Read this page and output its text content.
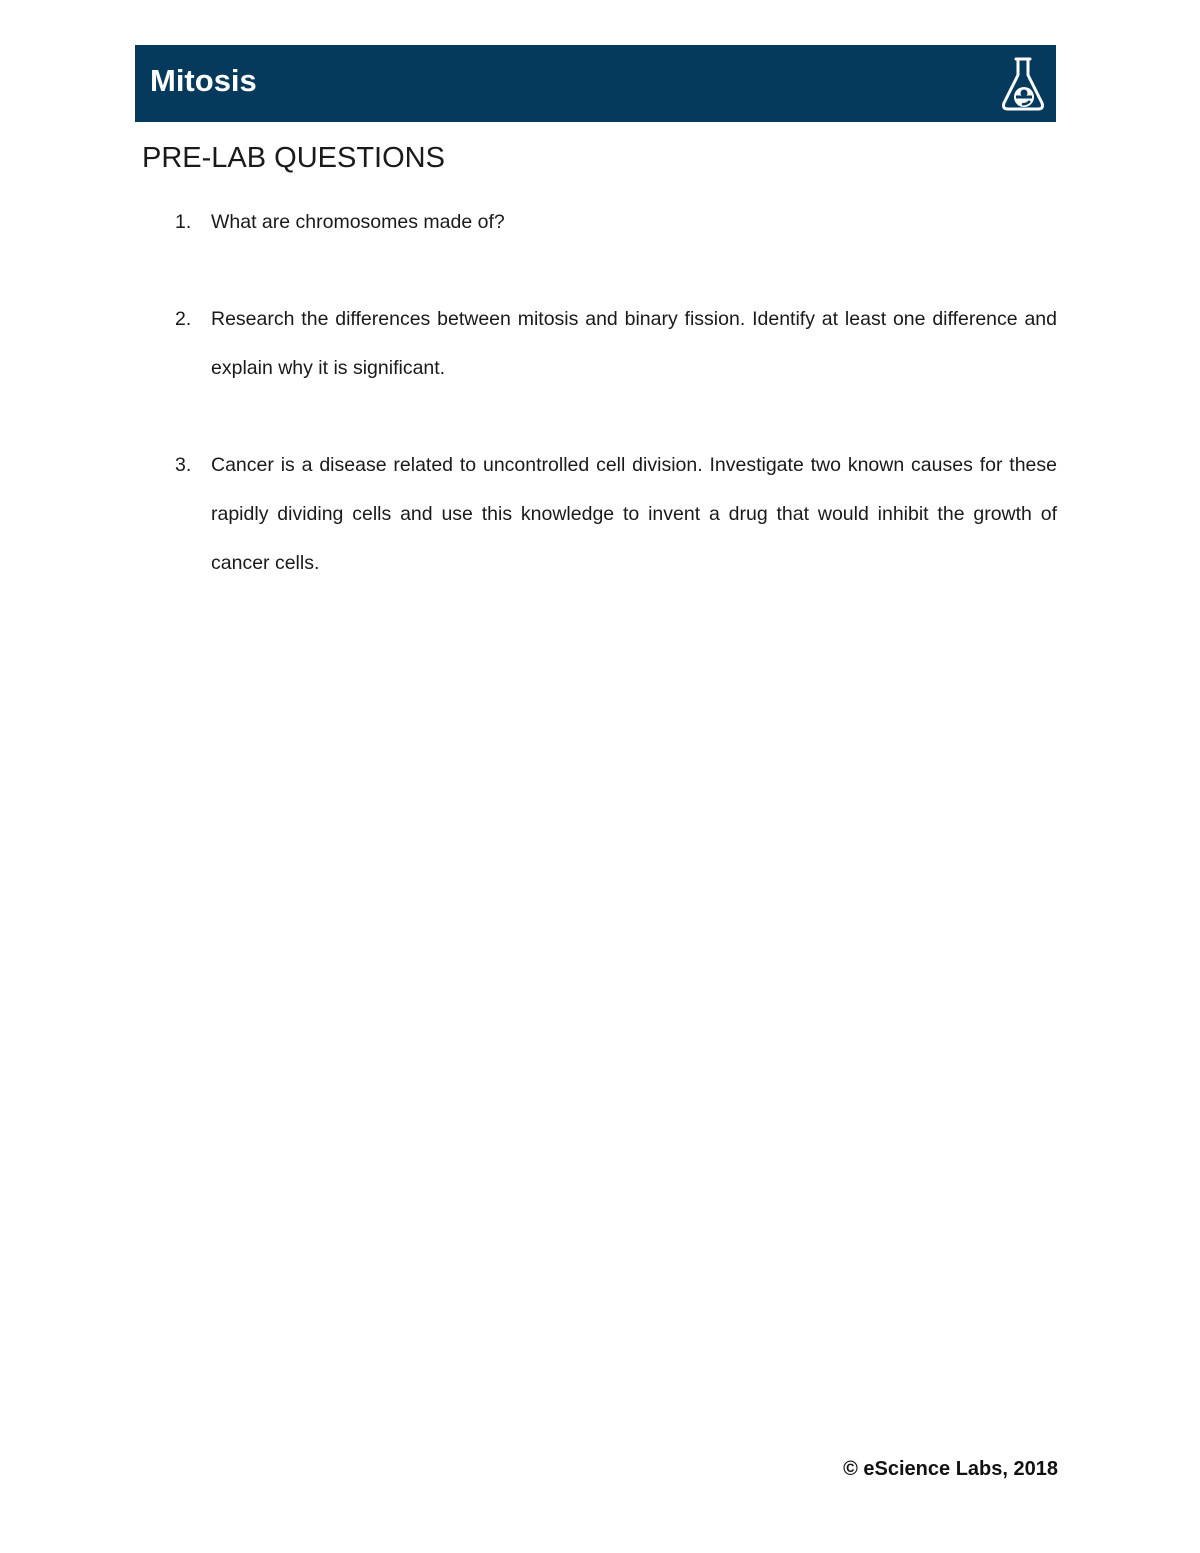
Mitosis
PRE-LAB QUESTIONS
1. What are chromosomes made of?
2. Research the differences between mitosis and binary fission. Identify at least one difference and explain why it is significant.
3. Cancer is a disease related to uncontrolled cell division. Investigate two known causes for these rapidly dividing cells and use this knowledge to invent a drug that would inhibit the growth of cancer cells.
© eScience Labs, 2018
